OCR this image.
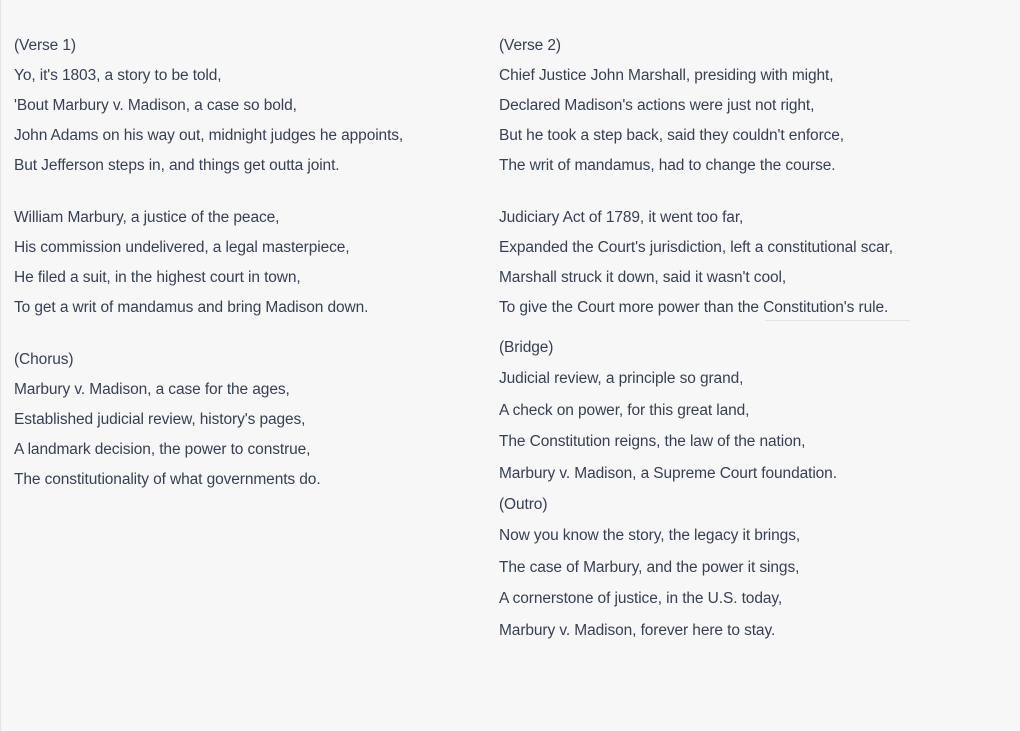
(Verse 1)
Yo, it's 1803, a story to be told,
'Bout Marbury v. Madison, a case so bold,
John Adams on his way out, midnight judges he appoints,
But Jefferson steps in, and things get outta joint.
William Marbury, a justice of the peace,
His commission undelivered, a legal masterpiece,
He filed a suit, in the highest court in town,
To get a writ of mandamus and bring Madison down.
(Chorus)
Marbury v. Madison, a case for the ages,
Established judicial review, history's pages,
A landmark decision, the power to construe,
The constitutionality of what governments do.
(Verse 2)
Chief Justice John Marshall, presiding with might,
Declared Madison's actions were just not right,
But he took a step back, said they couldn't enforce,
The writ of mandamus, had to change the course.
Judiciary Act of 1789, it went too far,
Expanded the Court's jurisdiction, left a constitutional scar,
Marshall struck it down, said it wasn't cool,
To give the Court more power than the Constitution's rule.
(Bridge)
Judicial review, a principle so grand,
A check on power, for this great land,
The Constitution reigns, the law of the nation,
Marbury v. Madison, a Supreme Court foundation.
(Outro)
Now you know the story, the legacy it brings,
The case of Marbury, and the power it sings,
A cornerstone of justice, in the U.S. today,
Marbury v. Madison, forever here to stay.
